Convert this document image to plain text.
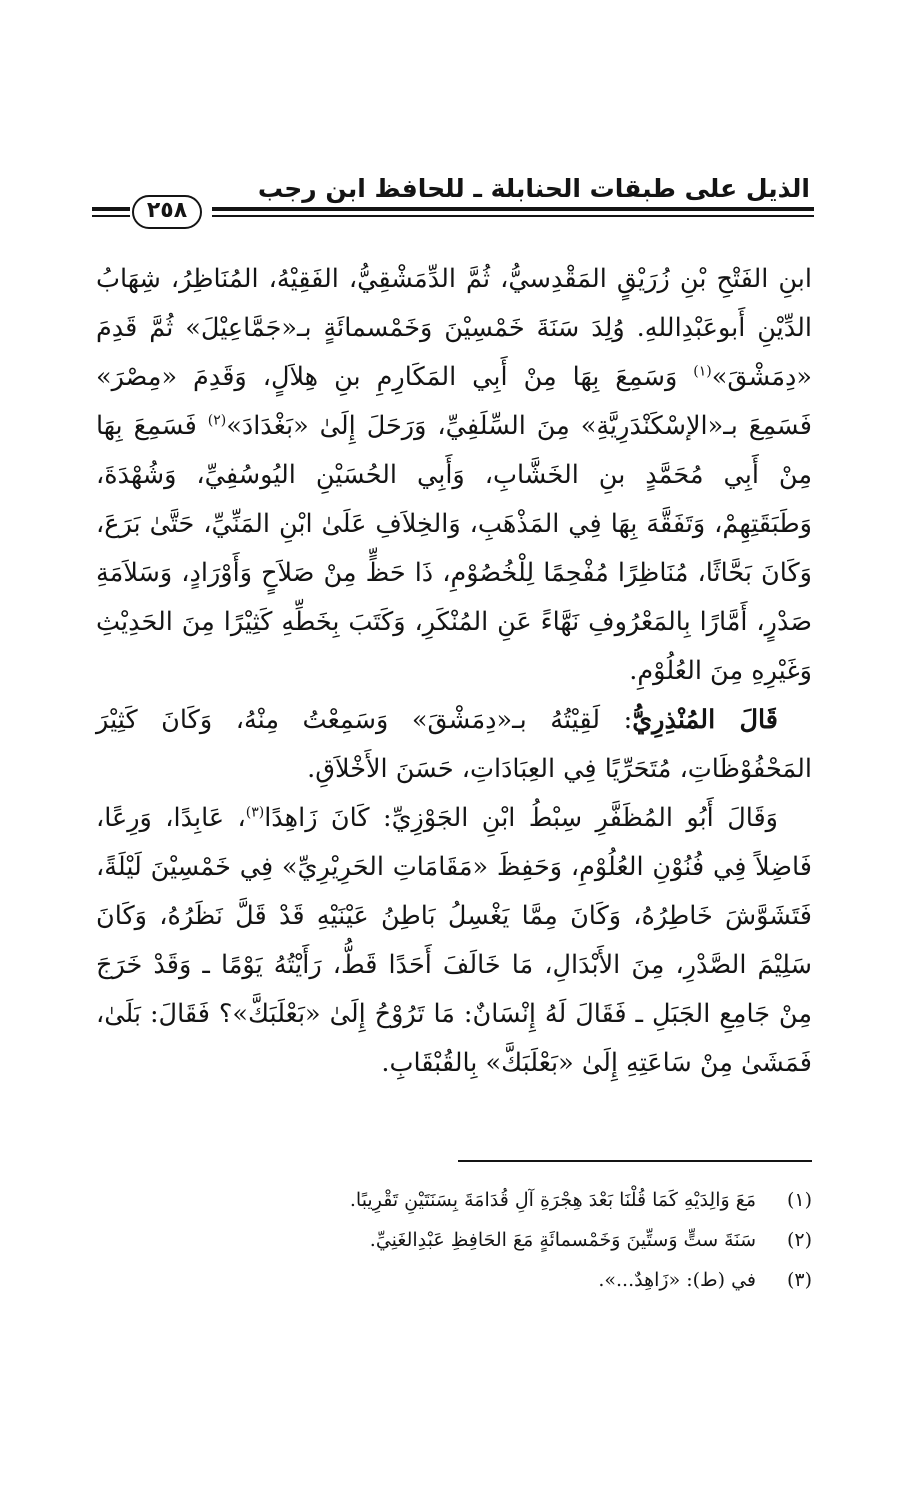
الذيل على طبقات الحنابلة ـ للحافظ ابن رجب
٢٥٨

ابنِ الفَتْحِ بْنِ زُرَيْقٍ المَقْدِسيُّ، ثُمَّ الدِّمَشْقِيُّ، الفَقِيْهُ، المُنَاظِرُ، شِهَابُ الدِّيْنِ أَبوعَبْدِاللهِ. وُلِدَ سَنَةَ خَمْسِيْنَ وَخَمْسمائَةٍ بـ«جَمَّاعِيْلَ» ثُمَّ قَدِمَ «دِمَشْقَ»$^{(١)}$ وَسَمِعَ بِهَا مِنْ أَبِي المَكَارِمِ بنِ هِلاَلٍ، وَقَدِمَ «مِصْرَ» فَسَمِعَ بـ«الإسْكَنْدَرِيَّةِ» مِنَ السِّلَفِيِّ، وَرَحَلَ إِلَىٰ «بَغْدَادَ»$^{(٢)}$ فَسَمِعَ بِهَا مِنْ أَبِي مُحَمَّدٍ بنِ الخَشَّابِ، وَأَبِي الحُسَيْنِ اليُوسُفِيِّ، وَشُهْدَةَ، وَطَبَقَتِهِمْ، وَتَفَقَّهَ بِهَا فِي المَذْهَبِ، وَالخِلاَفِ عَلَىٰ ابْنِ المَنِّيِّ، حَتَّىٰ بَرَعَ، وَكَانَ بَحَّاثًا، مُنَاظِرًا مُفْحِمًا لِلْخُصُوْمِ، ذَا حَظٍّ مِنْ صَلاَحٍ وَأَوْرَادٍ، وَسَلاَمَةِ صَدْرٍ، أَمَّارًا بِالمَعْرُوفِ نَهَّاءً عَنِ المُنْكَرِ، وَكَتَبَ بِخَطِّهِ كَثِيْرًا مِنَ الحَدِيْثِ وَغَيْرِهِ مِنَ العُلُوْمِ.

قَالَ المُنْذِرِيُّ: لَقِيْتُهُ بـ«دِمَشْقَ» وَسَمِعْتُ مِنْهُ، وَكَانَ كَثِيْرَ المَحْفُوْظَاتِ، مُتَحَرِّيًا فِي العِبَادَاتِ، حَسَنَ الأَخْلاَقِ.

وَقَالَ أَبُو المُظَفَّرِ سِبْطُ ابْنِ الجَوْزِيِّ: كَانَ زَاهِدًا$^{(٣)}$، عَابِدًا، وَرِعًا، فَاضِلاً فِي فُنُوْنِ العُلُوْمِ، وَحَفِظَ «مَقَامَاتِ الحَرِيْرِيِّ» فِي خَمْسِيْنَ لَيْلَةً، فَتَشَوَّشَ خَاطِرُهُ، وَكَانَ مِمَّا يَغْسِلُ بَاطِنُ عَيْنَيْهِ قَدْ قَلَّ نَظَرُهُ، وَكَانَ سَلِيْمَ الصَّدْرِ، مِنَ الأَبْدَالِ، مَا خَالَفَ أَحَدًا قَطُّ، رَأَيْتُهُ يَوْمًا ـ وَقَدْ خَرَجَ مِنْ جَامِعِ الجَبَلِ ـ فَقَالَ لَهُ إِنْسَانٌ: مَا تَرُوْحُ إِلَىٰ «بَعْلَبَكَّ»؟ فَقَالَ: بَلَىٰ، فَمَشَىٰ مِنْ سَاعَتِهِ إِلَىٰ «بَعْلَبَكَّ» بِالقُبْقَابِ.

(١)
مَعَ وَالِدَيْهِ كَمَا قُلْنَا بَعْدَ هِجْرَةِ آلِ قُدَامَةَ بِسَنَتَيْنِ تَقْرِيبًا.
(٢)
سَنَةَ ستٍّ وَستِّينَ وَخَمْسمائَةٍ مَعَ الحَافِظِ عَبْدِالغَنِيِّ.
(٣)
في (ط): «زَاهِدٌ...».
